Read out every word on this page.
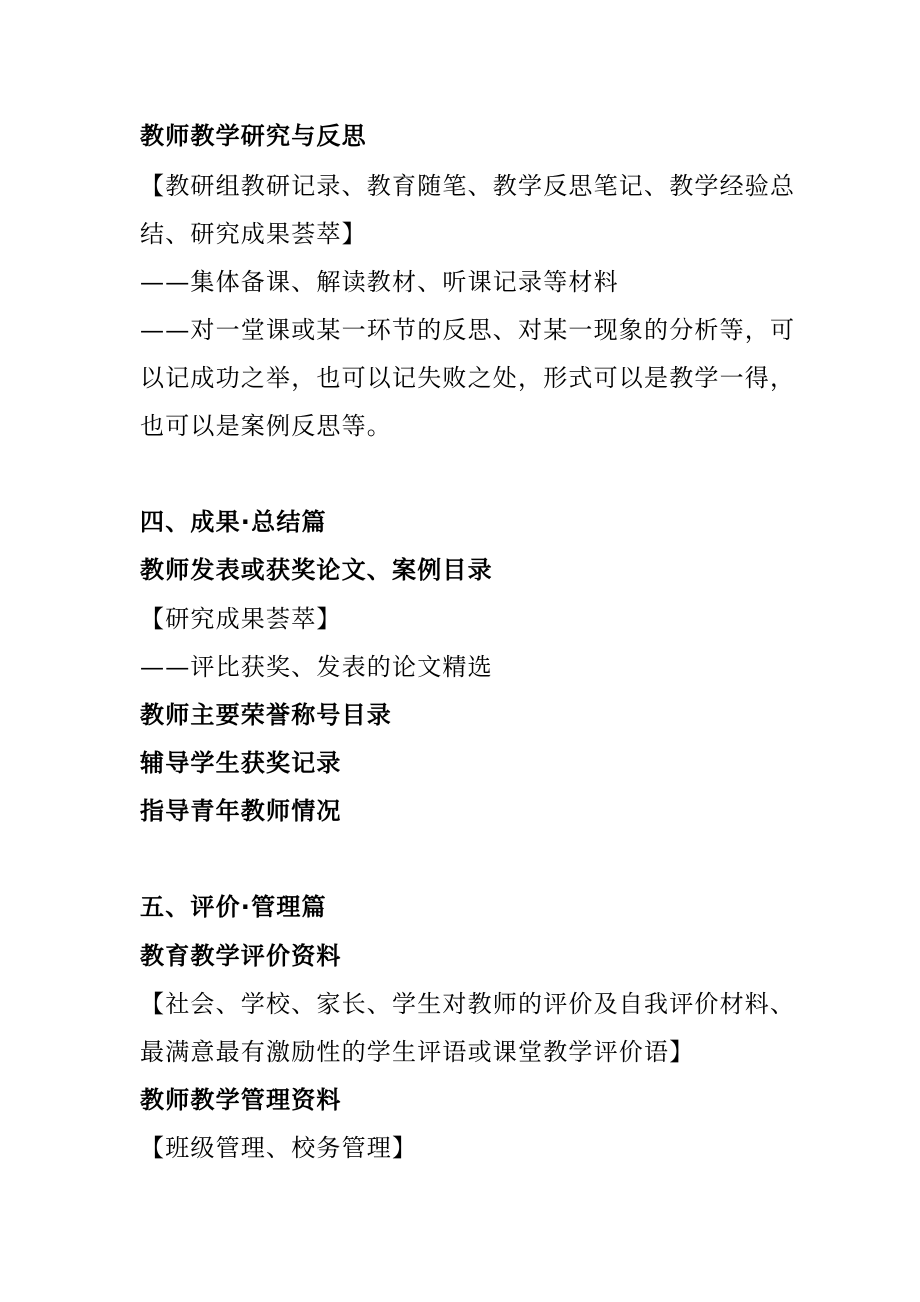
教师教学研究与反思
【教研组教研记录、教育随笔、教学反思笔记、教学经验总
结、研究成果荟萃】
——集体备课、解读教材、听课记录等材料
——对一堂课或某一环节的反思、对某一现象的分析等，可
以记成功之举，也可以记失败之处，形式可以是教学一得，
也可以是案例反思等。
四、成果·总结篇
教师发表或获奖论文、案例目录
【研究成果荟萃】
——评比获奖、发表的论文精选
教师主要荣誉称号目录
辅导学生获奖记录
指导青年教师情况
五、评价·管理篇
教育教学评价资料
【社会、学校、家长、学生对教师的评价及自我评价材料、
最满意最有激励性的学生评语或课堂教学评价语】
教师教学管理资料
【班级管理、校务管理】
